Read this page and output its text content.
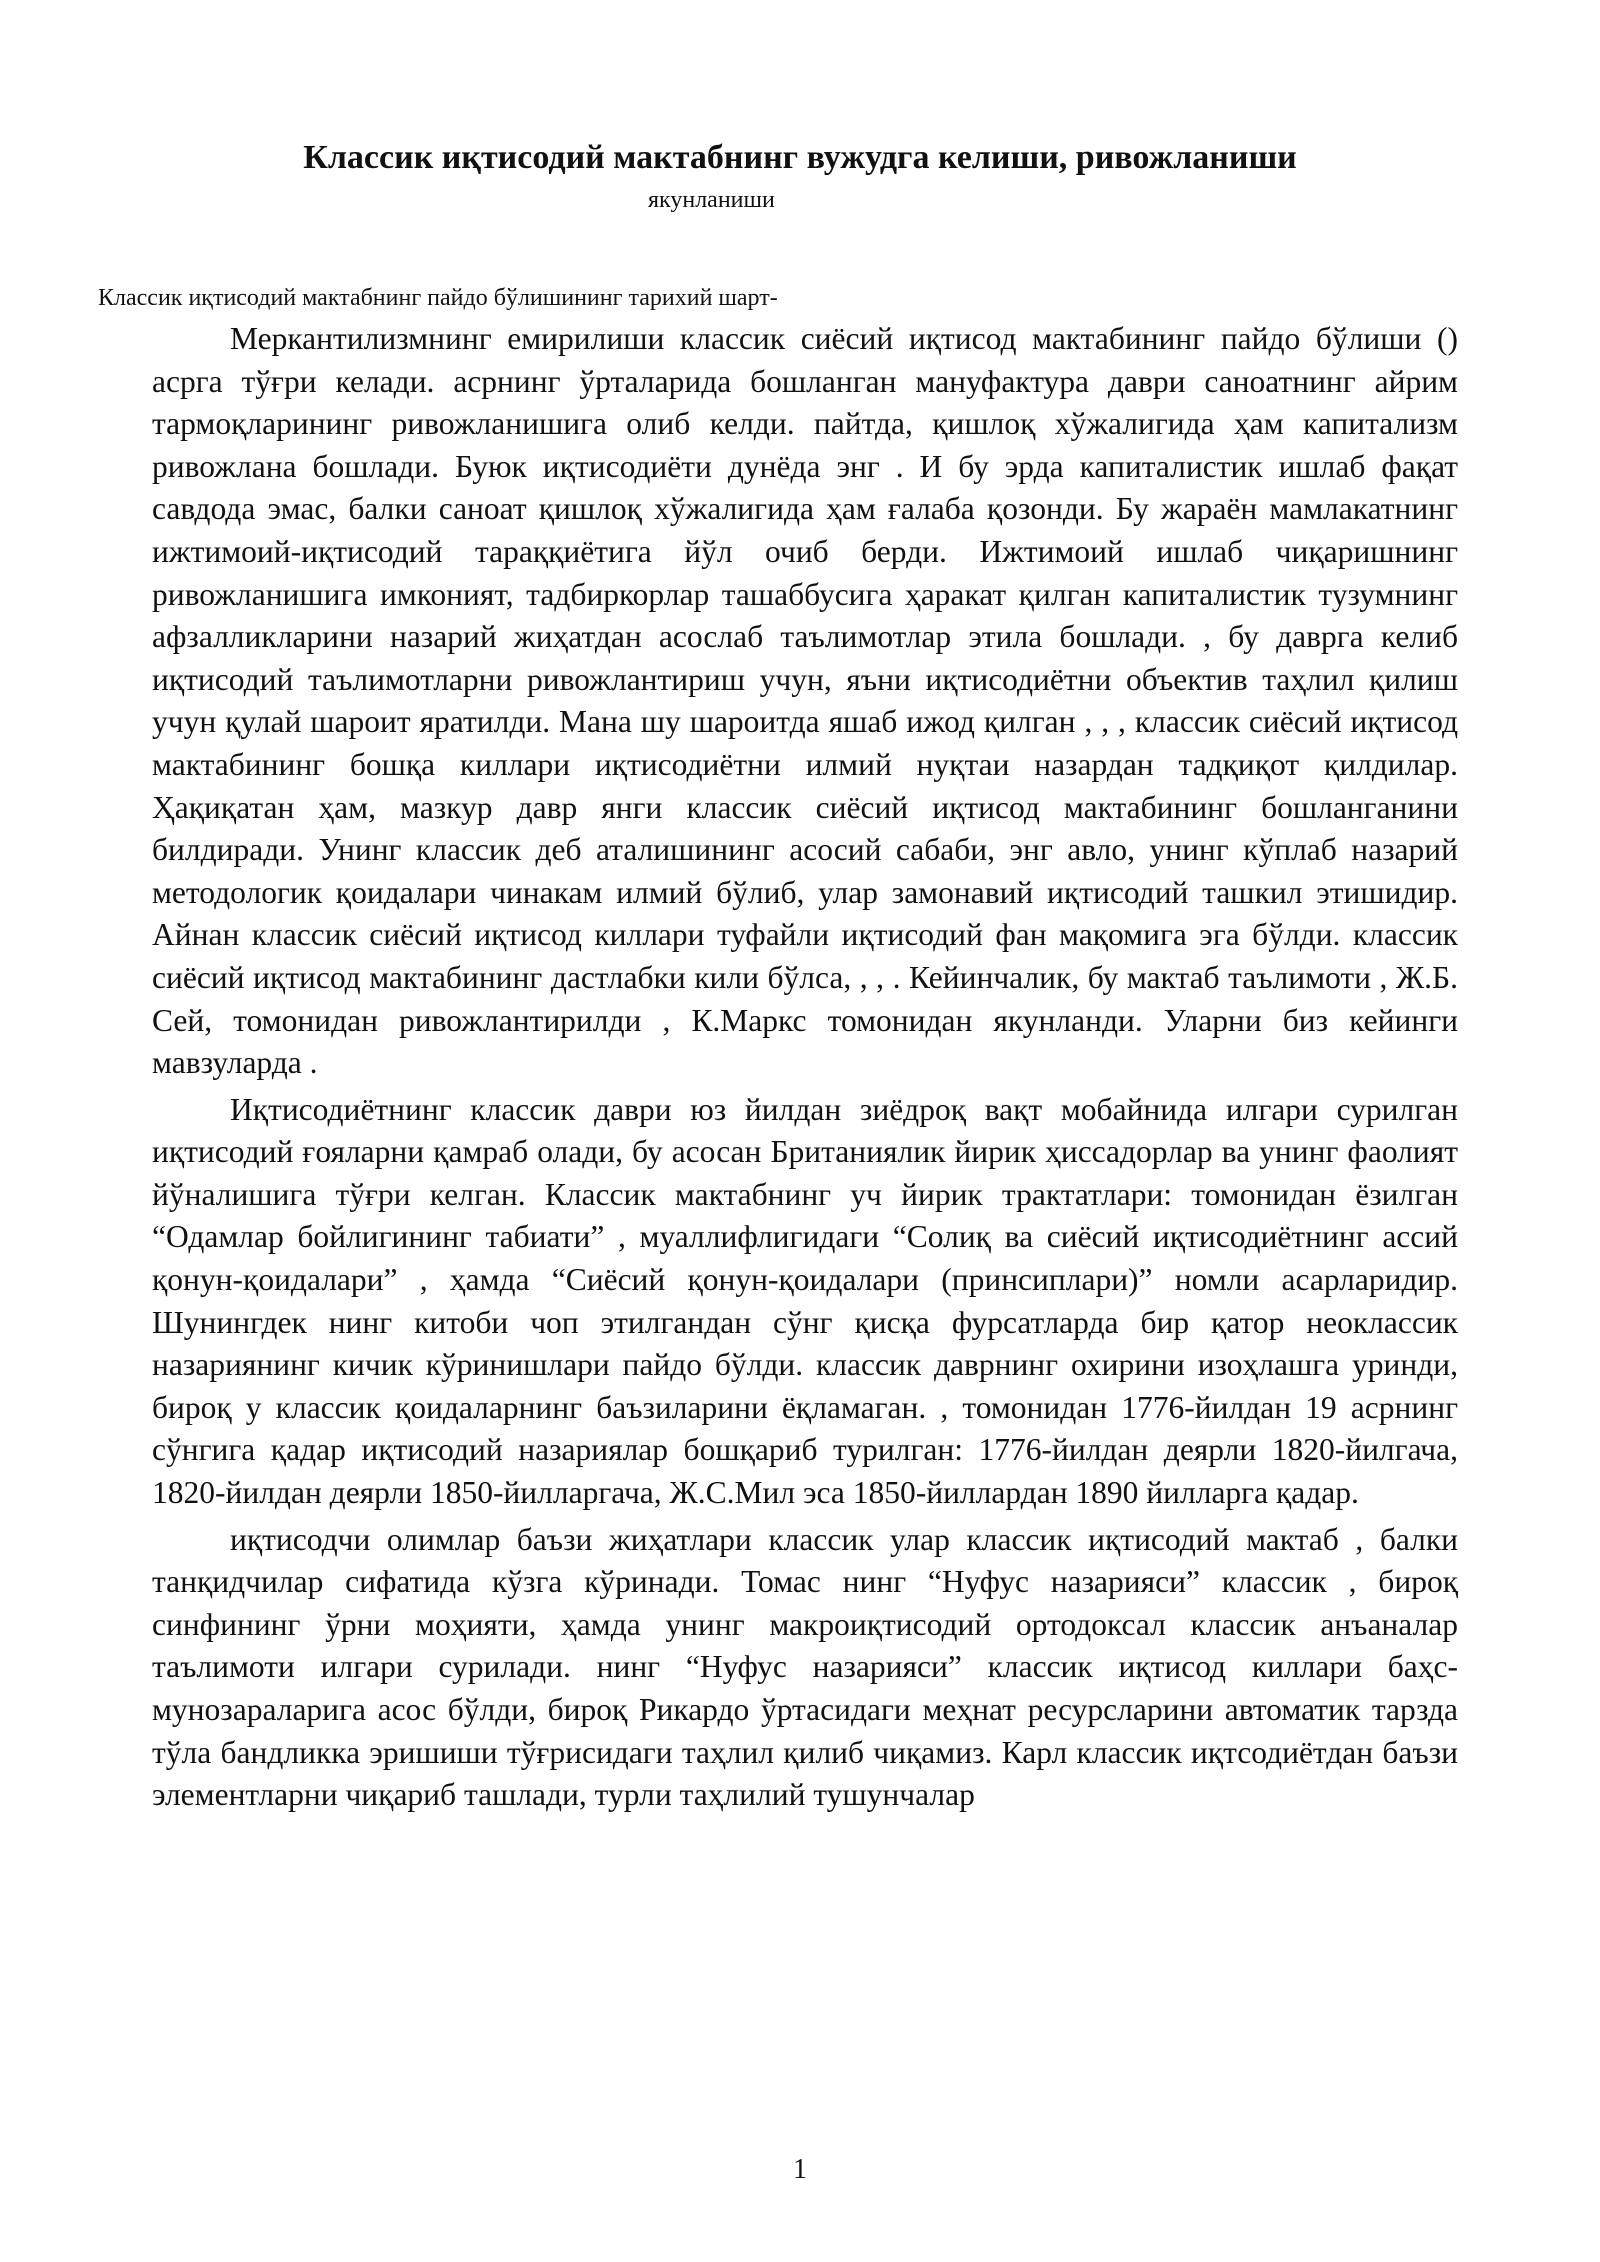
Классик иқтисодий мактабнинг вужудга келиши, ривожланиши

якунланиши

Классик иқтисодий мактабнинг пайдо бўлишининг тарихий шарт-

Меркантилизмнинг емирилиши классик сиёсий иқтисод мактабининг пайдо бўлиши () асрга тўғри келади. асрнинг ўрталарида бошланган мануфактура даври саноатнинг айрим тармоқларининг ривожланишига олиб келди. пайтда, қишлоқ хўжалигида ҳам капитализм ривожлана бошлади. Буюк иқтисодиёти дунёда энг . И бу эрда капиталистик ишлаб фақат савдода эмас, балки саноат қишлоқ хўжалигида ҳам ғалаба қозонди. Бу жараён мамлакатнинг ижтимоий-иқтисодий тараққиётига йўл очиб берди. Ижтимоий ишлаб чиқаришнинг ривожланишига имконият, тадбиркорлар ташаббусига ҳаракат қилган капиталистик тузумнинг афзалликларини назарий жиҳатдан асослаб таълимотлар этила бошлади. , бу даврга келиб иқтисодий таълимотларни ривожлантириш учун, яъни иқтисодиётни объектив таҳлил қилиш учун қулай шароит яратилди. Мана шу шароитда яшаб ижод қилган , , , классик сиёсий иқтисод мактабининг бошқа киллари иқтисодиётни илмий нуқтаи назардан тадқиқот қилдилар. Ҳақиқатан ҳам, мазкур давр янги классик сиёсий иқтисод мактабининг бошланганини билдиради. Унинг классик деб аталишининг асосий сабаби, энг авло, унинг кўплаб назарий методологик қоидалари чинакам илмий бўлиб, улар замонавий иқтисодий ташкил этишидир. Айнан классик сиёсий иқтисод киллари туфайли иқтисодий фан мақомига эга бўлди. классик сиёсий иқтисод мактабининг дастлабки кили бўлса, , , . Кейинчалик, бу мактаб таълимоти , Ж.Б. Сей, томонидан ривожлантирилди , К.Маркс томонидан якунланди. Уларни биз кейинги мавзуларда .

Иқтисодиётнинг классик даври юз йилдан зиёдроқ вақт мобайнида илгари сурилган иқтисодий ғояларни қамраб олади, бу асосан Британиялик йирик ҳиссадорлар ва унинг фаолият йўналишига тўғри келган. Классик мактабнинг уч йирик трактатлари: томонидан ёзилган “Одамлар бойлигининг табиати” , муаллифлигидаги “Солиқ ва сиёсий иқтисодиётнинг ассий қонун-қоидалари” , ҳамда “Сиёсий қонун-қоидалари (принсиплари)” номли асарларидир. Шунингдек нинг китоби чоп этилгандан сўнг қисқа фурсатларда бир қатор неоклассик назариянинг кичик кўринишлари пайдо бўлди. классик даврнинг охирини изоҳлашга уринди, бироқ у классик қоидаларнинг баъзиларини ёқламаган. , томонидан 1776-йилдан 19 асрнинг сўнгига қадар иқтисодий назариялар бошқариб турилган: 1776-йилдан деярли 1820-йилгача, 1820-йилдан деярли 1850-йилларгача, Ж.С.Мил эса 1850-йиллардан 1890 йилларга қадар.

иқтисодчи олимлар баъзи жиҳатлари классик улар классик иқтисодий мактаб , балки танқидчилар сифатида кўзга кўринади. Томас нинг “Нуфус назарияси” классик , бироқ синфининг ўрни моҳияти, ҳамда унинг макроиқтисодий ортодоксал классик анъаналар таълимоти илгари сурилади. нинг “Нуфус назарияси” классик иқтисод киллари баҳс- мунозараларига асос бўлди, бироқ Рикардо ўртасидаги меҳнат ресурсларини автоматик тарзда тўла бандликка эришиши тўғрисидаги таҳлил қилиб чиқамиз. Карл классик иқтсодиётдан баъзи элементларни чиқариб ташлади, турли таҳлилий тушунчалар

1
